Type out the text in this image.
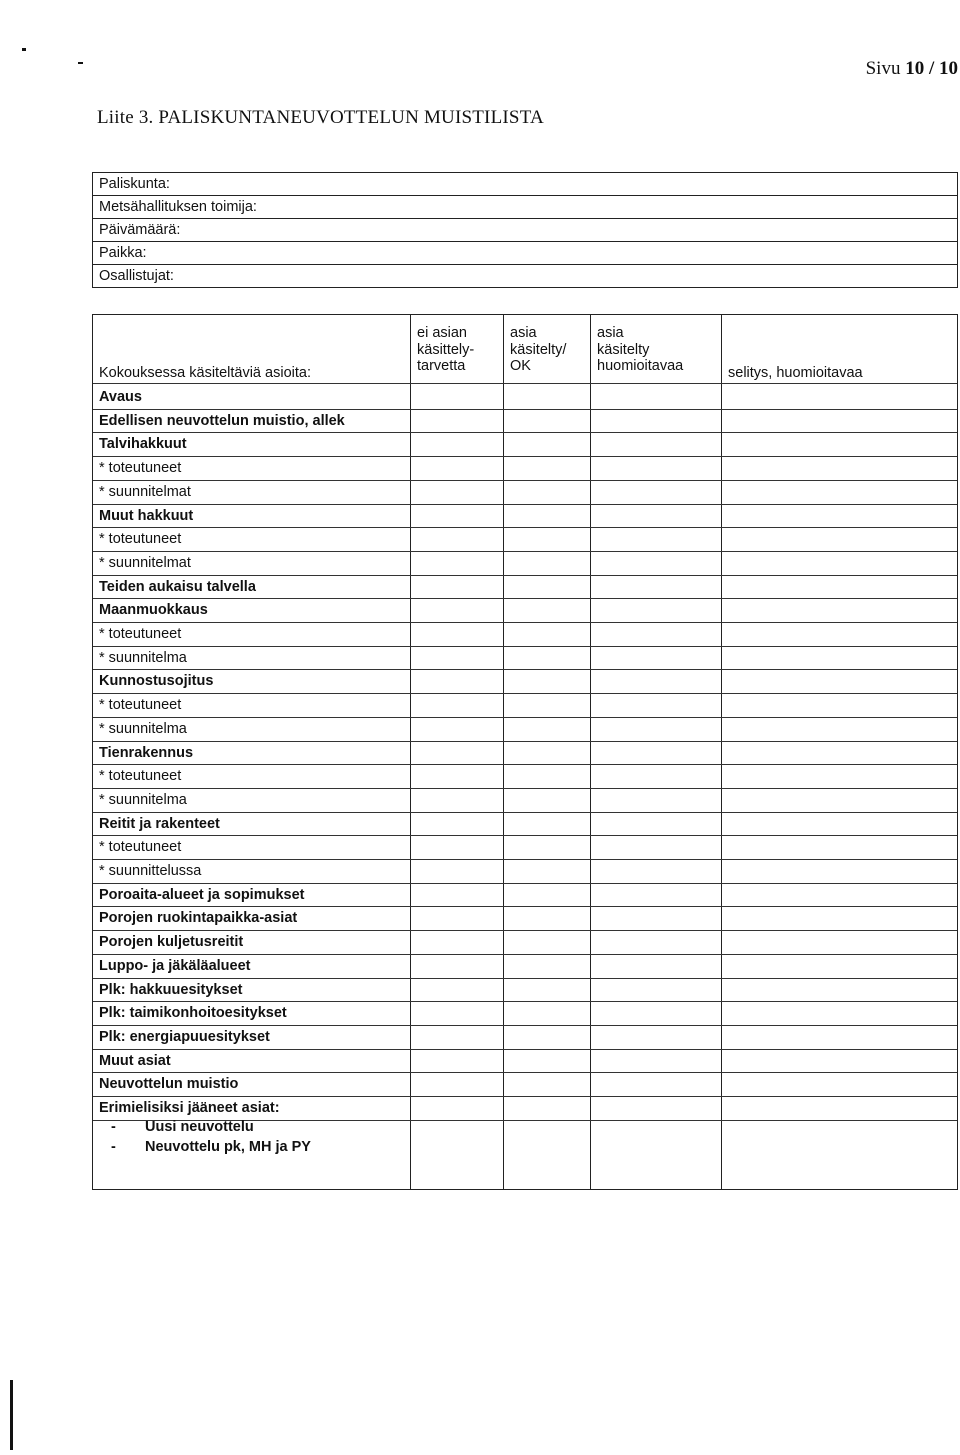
Sivu 10 / 10
Liite 3. PALISKUNTANEUVOTTELUN MUISTILISTA
Paliskunta:
Metsähallituksen toimija:
Päivämäärä:
Paikka:
Osallistujat:
Kokouksessa käsiteltäviä asioita:
ei asian
käsittely-
tarvetta
asia
käsitelty/
OK
asia
käsitelty
huomioitavaa	selitys, huomioitavaa
Avaus
Edellisen neuvottelun muistio, allek
Talvihakkuut
* toteutuneet
* suunnitelmat
Muut hakkuut
* toteutuneet
* suunnitelmat
Teiden aukaisu talvella
Maanmuokkaus
* toteutuneet
* suunnitelma
Kunnostusojitus
* toteutuneet
* suunnitelma
Tienrakennus
* toteutuneet
* suunnitelma
Reitit ja rakenteet
* toteutuneet
* suunnittelussa
Poroaita-alueet ja sopimukset
Porojen ruokintapaikka-asiat
Porojen kuljetusreitit
Luppo- ja jäkäläalueet
Plk: hakkuuesitykset
Plk: taimikonhoitoesitykset
Plk: energiapuuesitykset
Muut asiat
Neuvottelun muistio
Erimielisiksi jääneet asiat:
- Uusi neuvottelu
- Neuvottelu pk, MH ja PY
